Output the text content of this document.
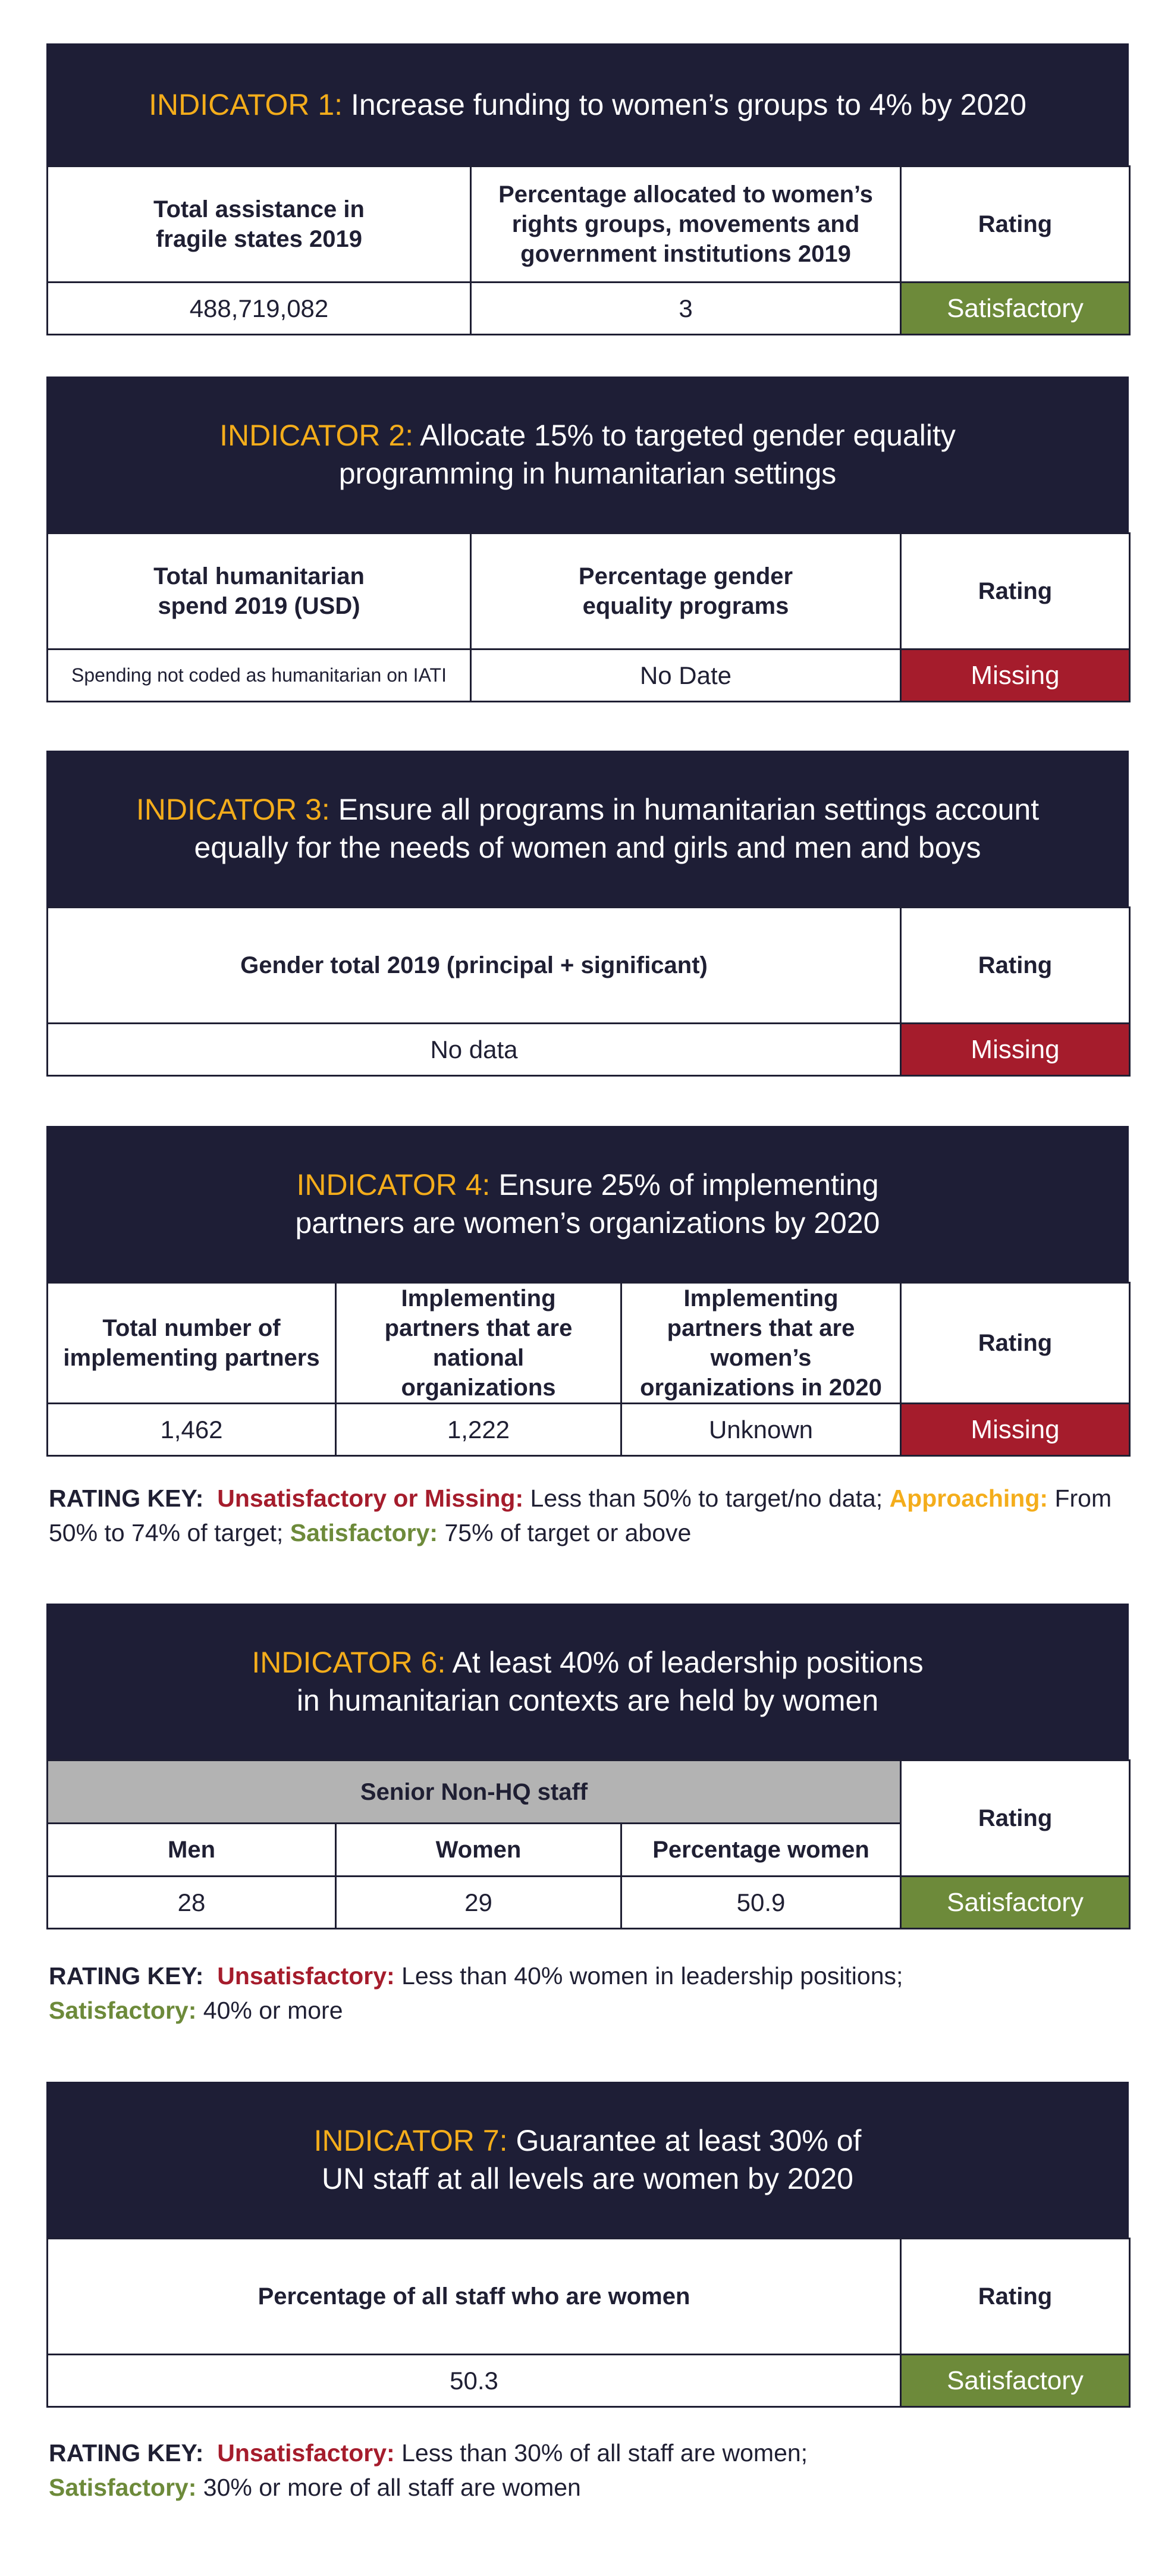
INDICATOR 1: Increase funding to women’s groups to 4% by 2020
Total assistance in fragile states 2019	Percentage allocated to women’s rights groups, movements and government institutions 2019	Rating
488,719,082	3	Satisfactory
INDICATOR 2: Allocate 15% to targeted gender equality
programming in humanitarian settings
Total humanitarian spend 2019 (USD)	Percentage gender equality programs	Rating
Spending not coded as humanitarian on IATI	No Date	Missing
INDICATOR 3: Ensure all programs in humanitarian settings account
equally for the needs of women and girls and men and boys
Gender total 2019 (principal + significant)	Rating
No data	Missing
INDICATOR 4: Ensure 25% of implementing
partners are women’s organizations by 2020
Total number of implementing partners	Implementing partners that are national organizations	Implementing partners that are women’s organizations in 2020	Rating
1,462	1,222	Unknown	Missing
RATING KEY: Unsatisfactory or Missing: Less than 50% to target/no data; Approaching: From 50% to 74% of target; Satisfactory: 75% of target or above
INDICATOR 6: At least 40% of leadership positions
in humanitarian contexts are held by women
Senior Non-HQ staff			Rating
Men	Women	Percentage women	
28	29	50.9	Satisfactory
RATING KEY: Unsatisfactory: Less than 40% women in leadership positions;
Satisfactory: 40% or more
INDICATOR 7: Guarantee at least 30% of
UN staff at all levels are women by 2020
Percentage of all staff who are women	Rating
50.3	Satisfactory
RATING KEY: Unsatisfactory: Less than 30% of all staff are women;
Satisfactory: 30% or more of all staff are women
